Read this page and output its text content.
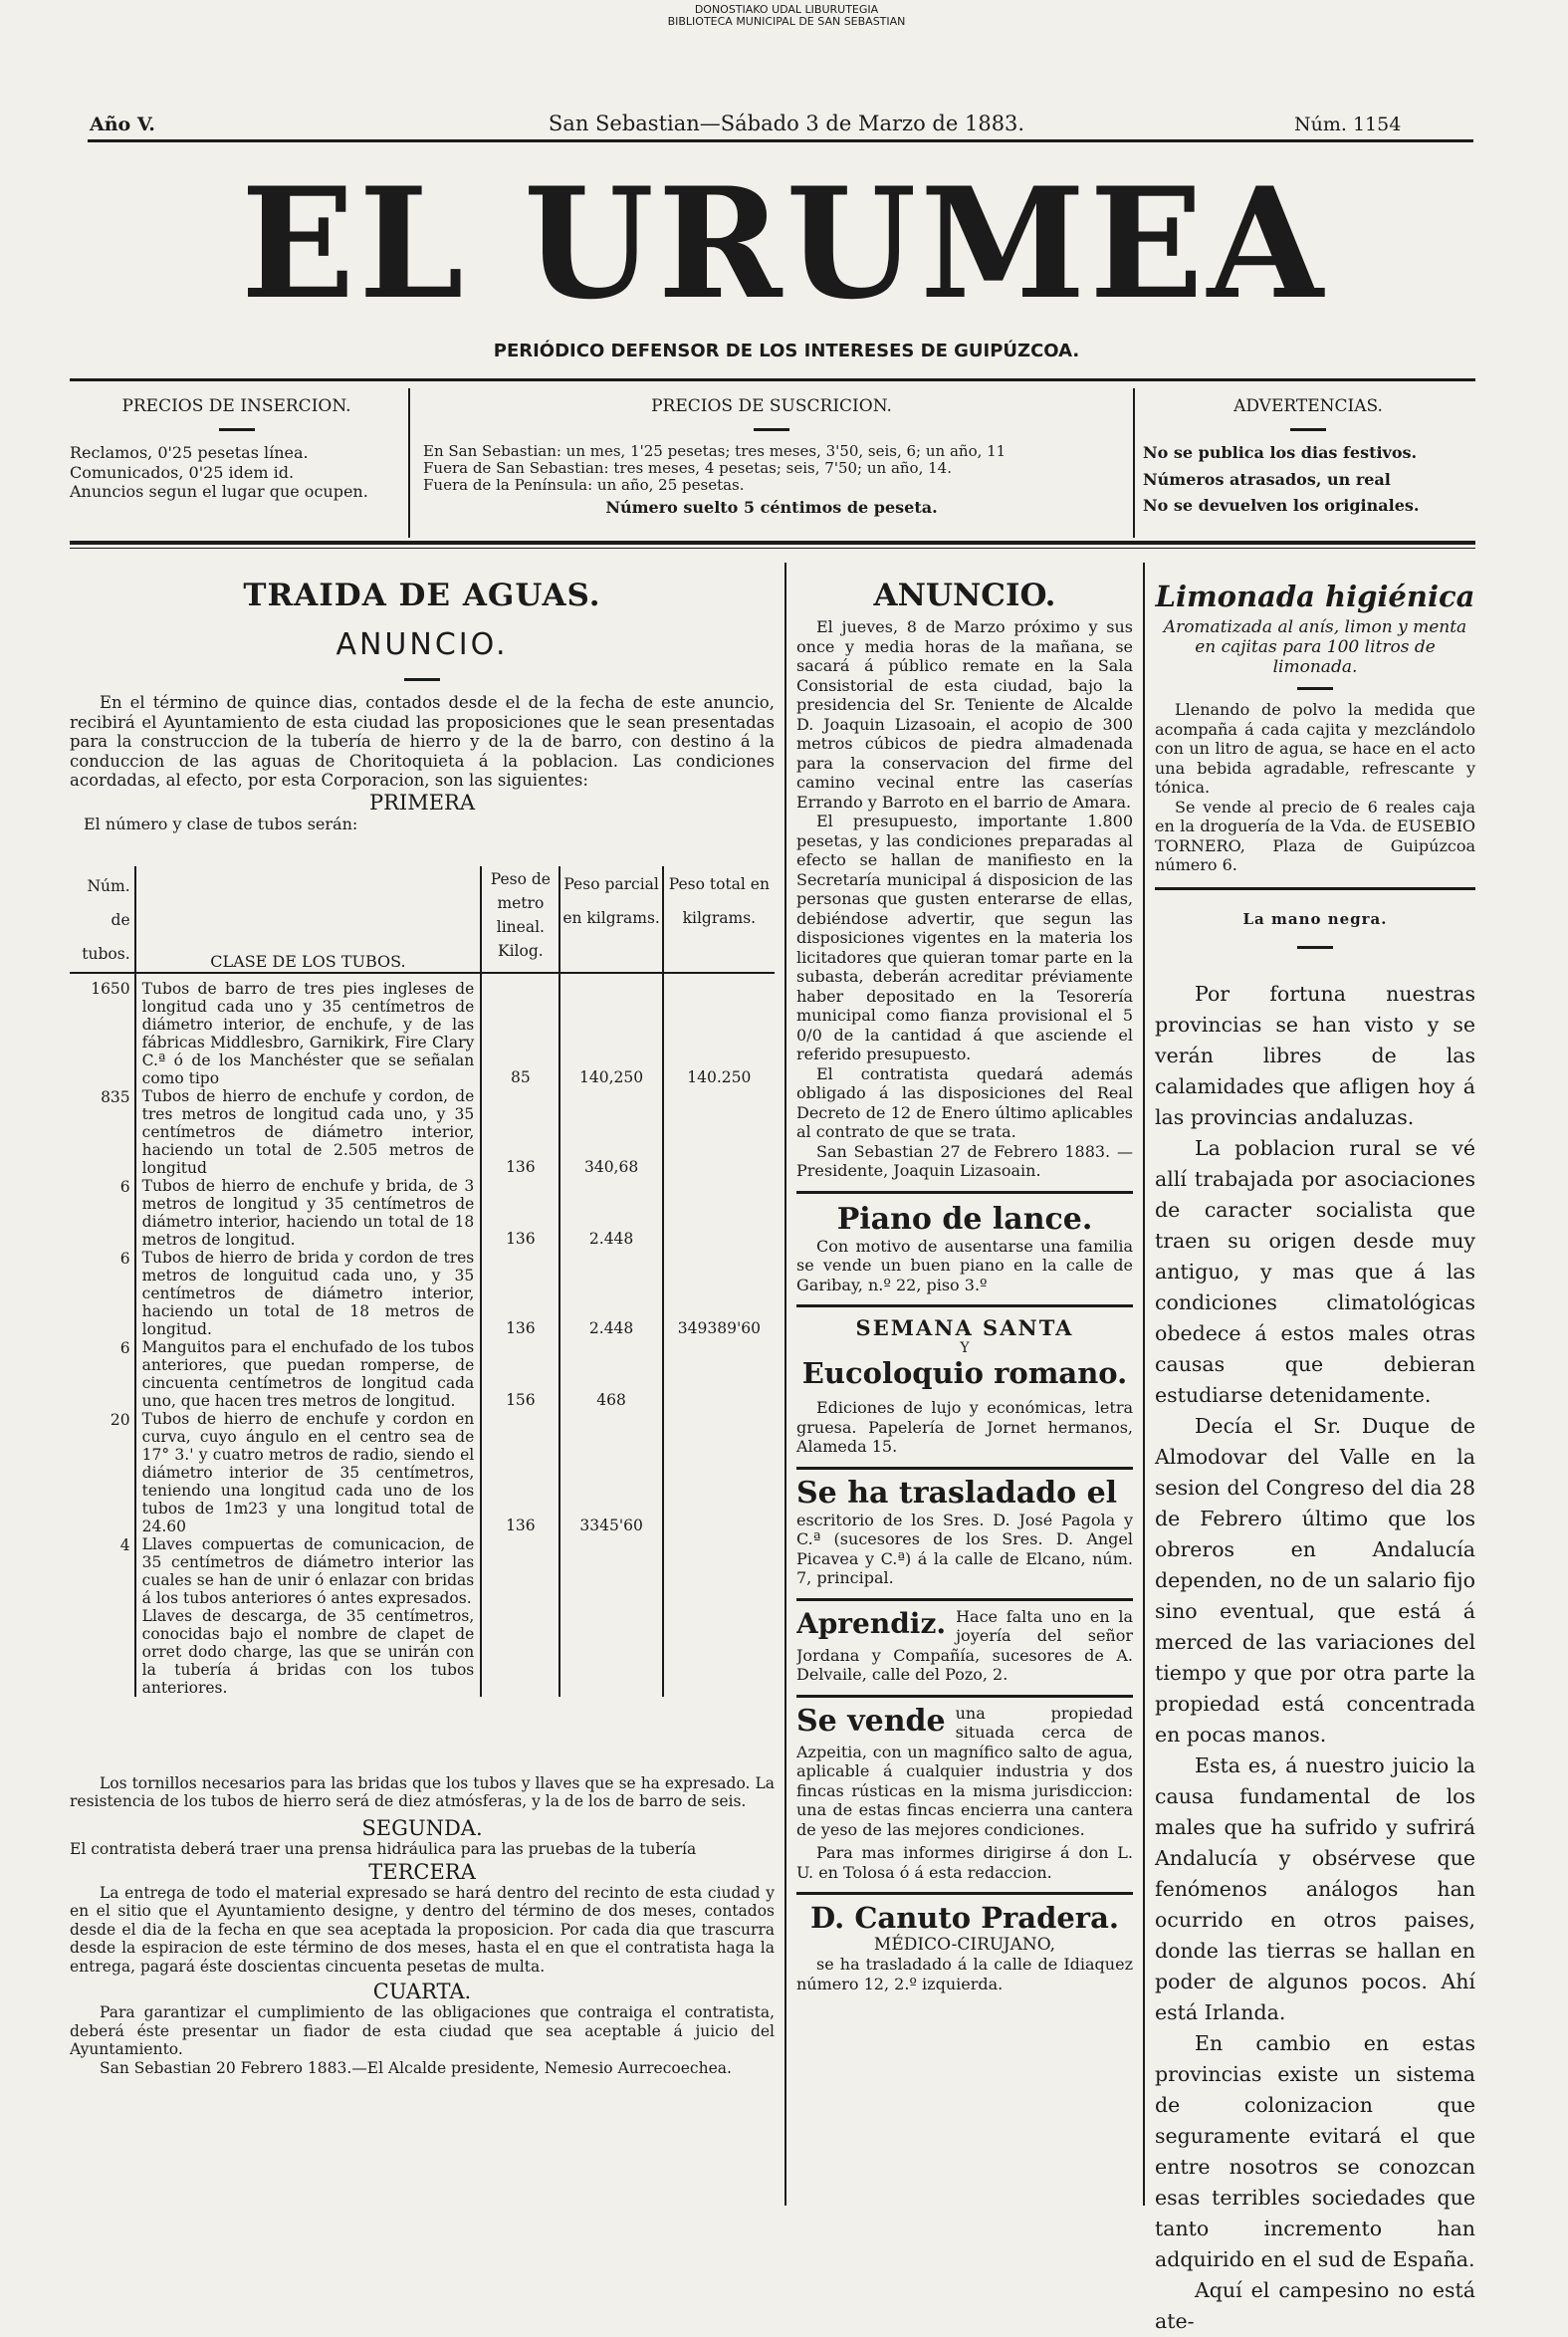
DONOSTIAKO UDAL LIBURUTEGIA
BIBLIOTECA MUNICIPAL DE SAN SEBASTIAN
Año V.	San Sebastian—Sábado 3 de Marzo de 1883.	Núm. 1154
EL URUMEA
PERIÓDICO DEFENSOR DE LOS INTERESES DE GUIPÚZCOA.
PRECIOS DE INSERCION.
Reclamos, 0'25 pesetas línea.
Comunicados, 0'25 idem id.
Anuncios segun el lugar que ocupen.
PRECIOS DE SUSCRICION.
En San Sebastian: un mes, 1'25 pesetas; tres meses, 3'50, seis, 6; un año, 11
Fuera de San Sebastian: tres meses, 4 pesetas; seis, 7'50; un año, 14.
Fuera de la Península: un año, 25 pesetas.
Número suelto 5 céntimos de peseta.
ADVERTENCIAS.
No se publica los dias festivos.
Números atrasados, un real
No se devuelven los originales.
TRAIDA DE AGUAS.
ANUNCIO.
En el término de quince dias, contados desde el de la fecha de este anuncio, recibirá el Ayuntamiento de esta ciudad las proposiciones que le sean presentadas para la construccion de la tubería de hierro y de la de barro, con destino á la conduccion de las aguas de Choritoquieta á la poblacion. Las condiciones acordadas, al efecto, por esta Corporacion, son las siguientes:
PRIMERA
El número y clase de tubos serán:
Núm. de tubos.	CLASE DE LOS TUBOS.	Peso de metro lineal. Kilog.	Peso parcial en kilgrams.	Peso total en kilgrams.
1650	Tubos de barro de tres pies ingleses de longitud cada uno y 35 centímetros de diámetro interior, de enchufe, y de las fábricas Middlesbro, Garnikirk, Fire Clary C.ª ó de los Manchéster que se señalan como tipo	85	140,250	140.250
835	Tubos de hierro de enchufe y cordon, de tres metros de longitud cada uno, y 35 centímetros de diámetro interior, haciendo un total de 2.505 metros de longitud	136	340,68	
6	Tubos de hierro de enchufe y brida, de 3 metros de longitud y 35 centímetros de diámetro interior, haciendo un total de 18 metros de longitud.	136	2.448	
6	Tubos de hierro de brida y cordon de tres metros de longuitud cada uno, y 35 centímetros de diámetro interior, haciendo un total de 18 metros de longitud.	136	2.448	349389'60
6	Manguitos para el enchufado de los tubos anteriores, que puedan romperse, de cincuenta centímetros de longitud cada uno, que hacen tres metros de longitud.	156	468	
20	Tubos de hierro de enchufe y cordon en curva, cuyo ángulo en el centro sea de 17° 3.' y cuatro metros de radio, siendo el diámetro interior de 35 centímetros, teniendo una longitud cada uno de los tubos de 1m23 y una longitud total de 24.60	136	3345'60	
4	Llaves compuertas de comunicacion, de 35 centímetros de diámetro interior las cuales se han de unir ó enlazar con bridas á los tubos anteriores ó antes expresados.			
	Llaves de descarga, de 35 centímetros, conocidas bajo el nombre de clapet de orret dodo charge, las que se unirán con la tubería á bridas con los tubos anteriores.			
Los tornillos necesarios para las bridas que los tubos y llaves que se ha expresado. La resistencia de los tubos de hierro será de diez atmósferas, y la de los de barro de seis.
SEGUNDA.
El contratista deberá traer una prensa hidráulica para las pruebas de la tubería
TERCERA
La entrega de todo el material expresado se hará dentro del recinto de esta ciudad y en el sitio que el Ayuntamiento designe, y dentro del término de dos meses, contados desde el dia de la fecha en que sea aceptada la proposicion. Por cada dia que trascurra desde la espiracion de este término de dos meses, hasta el en que el contratista haga la entrega, pagará éste doscientas cincuenta pesetas de multa.
CUARTA.
Para garantizar el cumplimiento de las obligaciones que contraiga el contratista, deberá éste presentar un fiador de esta ciudad que sea aceptable á juicio del Ayuntamiento.
San Sebastian 20 Febrero 1883.—El Alcalde presidente, Nemesio Aurrecoechea.
ANUNCIO.
El jueves, 8 de Marzo próximo y sus once y media horas de la mañana, se sacará á público remate en la Sala Consistorial de esta ciudad, bajo la presidencia del Sr. Teniente de Alcalde D. Joaquin Lizasoain, el acopio de 300 metros cúbicos de piedra almadenada para la conservacion del firme del camino vecinal entre las caserías Errando y Barroto en el barrio de Amara.
El presupuesto, importante 1.800 pesetas, y las condiciones preparadas al efecto se hallan de manifiesto en la Secretaría municipal á disposicion de las personas que gusten enterarse de ellas, debiéndose advertir, que segun las disposiciones vigentes en la materia los licitadores que quieran tomar parte en la subasta, deberán acreditar préviamente haber depositado en la Tesorería municipal como fianza provisional el 5 0/0 de la cantidad á que asciende el referido presupuesto.
El contratista quedará además obligado á las disposiciones del Real Decreto de 12 de Enero último aplicables al contrato de que se trata.
San Sebastian 27 de Febrero 1883. —Presidente, Joaquin Lizasoain.
Piano de lance.
Con motivo de ausentarse una familia se vende un buen piano en la calle de Garibay, n.º 22, piso 3.º
SEMANA SANTA
Y
Eucoloquio romano.
Ediciones de lujo y económicas, letra gruesa. Papelería de Jornet hermanos, Alameda 15.
Se ha trasladado el
escritorio de los Sres. D. José Pagola y C.ª (sucesores de los Sres. D. Angel Picavea y C.ª) á la calle de Elcano, núm. 7, principal.
Aprendiz. Hace falta uno en la joyería del señor Jordana y Compañía, sucesores de A. Delvaile, calle del Pozo, 2.
Se vende una propiedad situada cerca de Azpeitia, con un magnífico salto de agua, aplicable á cualquier industria y dos fincas rústicas en la misma jurisdiccion: una de estas fincas encierra una cantera de yeso de las mejores condiciones.
Para mas informes dirigirse á don L. U. en Tolosa ó á esta redaccion.
D. Canuto Pradera.
MÉDICO-CIRUJANO,
se ha trasladado á la calle de Idiaquez número 12, 2.º izquierda.
Limonada higiénica
Aromatizada al anís, limon y menta en cajitas para 100 litros de limonada.
Llenando de polvo la medida que acompaña á cada cajita y mezclándolo con un litro de agua, se hace en el acto una bebida agradable, refrescante y tónica.
Se vende al precio de 6 reales caja en la droguería de la Vda. de EUSEBIO TORNERO, Plaza de Guipúzcoa número 6.
La mano negra.
Por fortuna nuestras provincias se han visto y se verán libres de las calamidades que afligen hoy á las provincias andaluzas.
La poblacion rural se vé allí trabajada por asociaciones de caracter socialista que traen su origen desde muy antiguo, y mas que á las condiciones climatológicas obedece á estos males otras causas que debieran estudiarse detenidamente.
Decía el Sr. Duque de Almodovar del Valle en la sesion del Congreso del dia 28 de Febrero último que los obreros en Andalucía dependen, no de un salario fijo sino eventual, que está á merced de las variaciones del tiempo y que por otra parte la propiedad está concentrada en pocas manos.
Esta es, á nuestro juicio la causa fundamental de los males que ha sufrido y sufrirá Andalucía y obsérvese que fenómenos análogos han ocurrido en otros paises, donde las tierras se hallan en poder de algunos pocos. Ahí está Irlanda.
En cambio en estas provincias existe un sistema de colonizacion que seguramente evitará el que entre nosotros se conozcan esas terribles sociedades que tanto incremento han adquirido en el sud de España.
Aquí el campesino no está ate-
